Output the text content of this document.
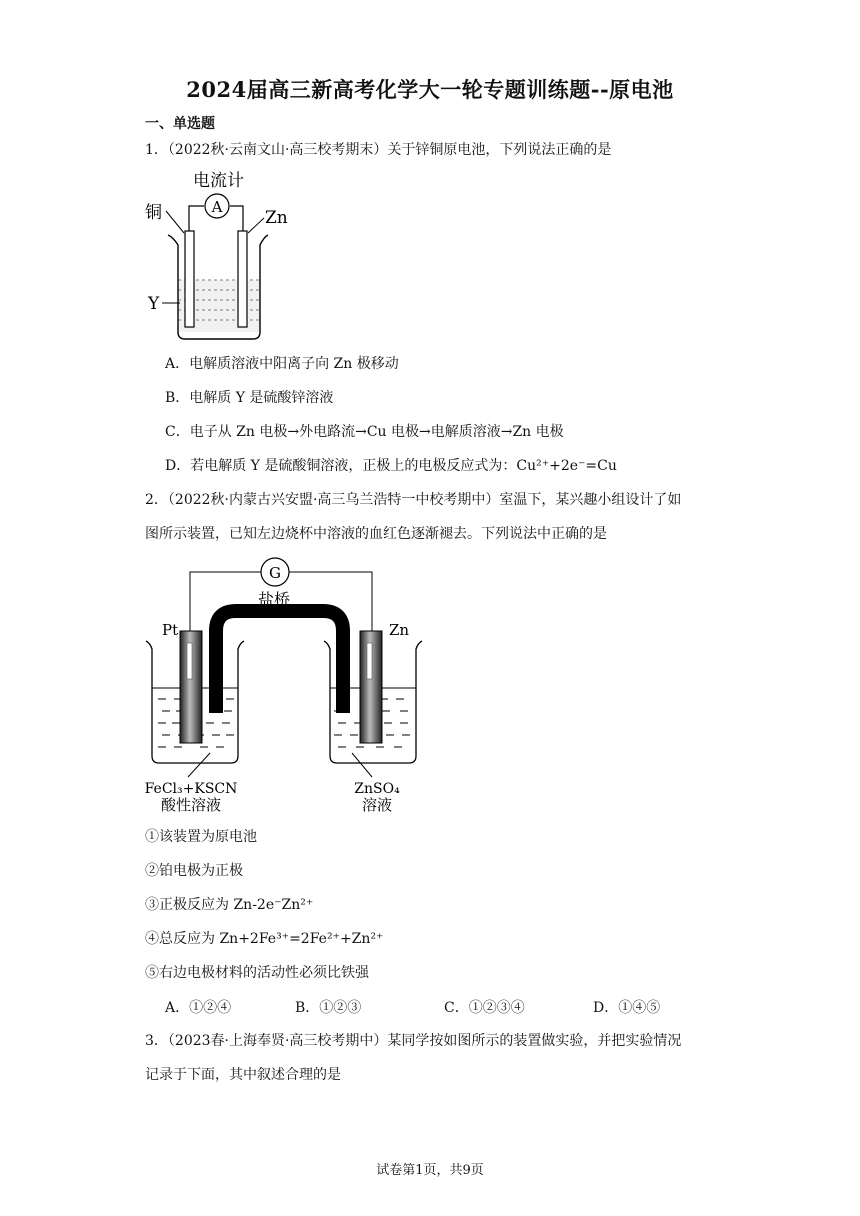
2024届高三新高考化学大一轮专题训练题--原电池
一、单选题
1．（2022秋·云南文山·高三校考期末）关于锌铜原电池，下列说法正确的是
电流计
A
铜	Zn
Y
A．电解质溶液中阳离子向 Zn 极移动
B．电解质 Y 是硫酸锌溶液
C．电子从 Zn 电极→外电路流→Cu 电极→电解质溶液→Zn 电极
D．若电解质 Y 是硫酸铜溶液，正极上的电极反应式为：Cu²⁺+2e⁻=Cu
2．（2022秋·内蒙古兴安盟·高三乌兰浩特一中校考期中）室温下，某兴趣小组设计了如
图所示装置，已知左边烧杯中溶液的血红色逐渐褪去。下列说法中正确的是
G
盐桥
Pt	Zn
FeCl₃+KSCN
酸性溶液
ZnSO₄
溶液
①该装置为原电池
②铂电极为正极
③正极反应为 Zn-2e⁻Zn²⁺
④总反应为 Zn+2Fe³⁺=2Fe²⁺+Zn²⁺
⑤右边电极材料的活动性必须比铁强
A．①②④	B．①②③	C．①②③④	D．①④⑤
3．（2023春·上海奉贤·高三校考期中）某同学按如图所示的装置做实验，并把实验情况
记录于下面，其中叙述合理的是
试卷第1页，共9页
